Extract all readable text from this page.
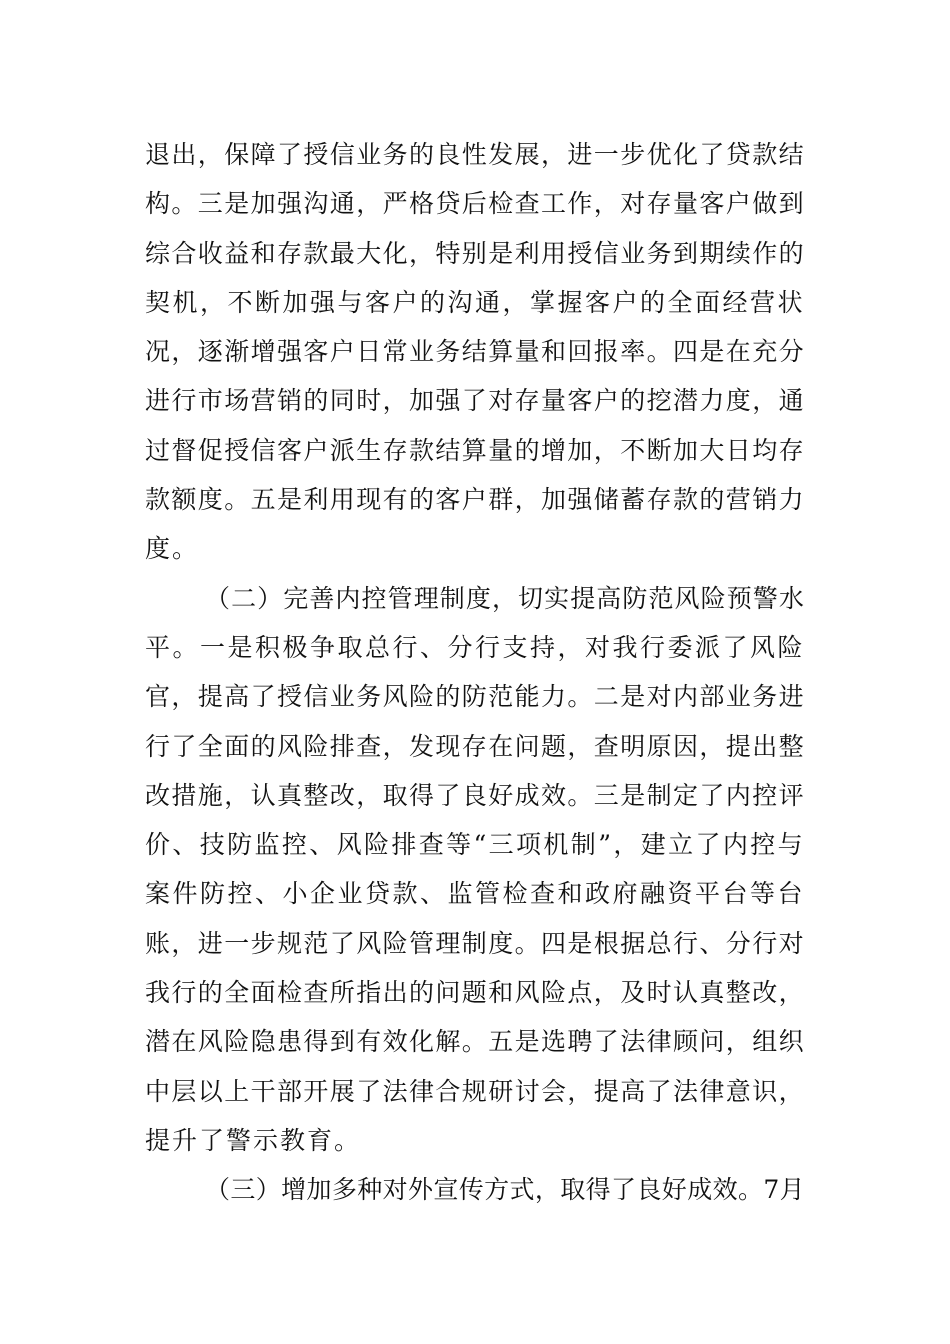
退出，保障了授信业务的良性发展，进一步优化了贷款结
构。三是加强沟通，严格贷后检查工作，对存量客户做到
综合收益和存款最大化，特别是利用授信业务到期续作的
契机，不断加强与客户的沟通，掌握客户的全面经营状
况，逐渐增强客户日常业务结算量和回报率。四是在充分
进行市场营销的同时，加强了对存量客户的挖潜力度，通
过督促授信客户派生存款结算量的增加，不断加大日均存
款额度。五是利用现有的客户群，加强储蓄存款的营销力
度。
（二）完善内控管理制度，切实提高防范风险预警水
平。一是积极争取总行、分行支持，对我行委派了风险
官，提高了授信业务风险的防范能力。二是对内部业务进
行了全面的风险排查，发现存在问题，查明原因，提出整
改措施，认真整改，取得了良好成效。三是制定了内控评
价、技防监控、风险排查等“三项机制”，建立了内控与
案件防控、小企业贷款、监管检查和政府融资平台等台
账，进一步规范了风险管理制度。四是根据总行、分行对
我行的全面检查所指出的问题和风险点，及时认真整改，
潜在风险隐患得到有效化解。五是选聘了法律顾问，组织
中层以上干部开展了法律合规研讨会，提高了法律意识，
提升了警示教育。
（三）增加多种对外宣传方式，取得了良好成效。7月
